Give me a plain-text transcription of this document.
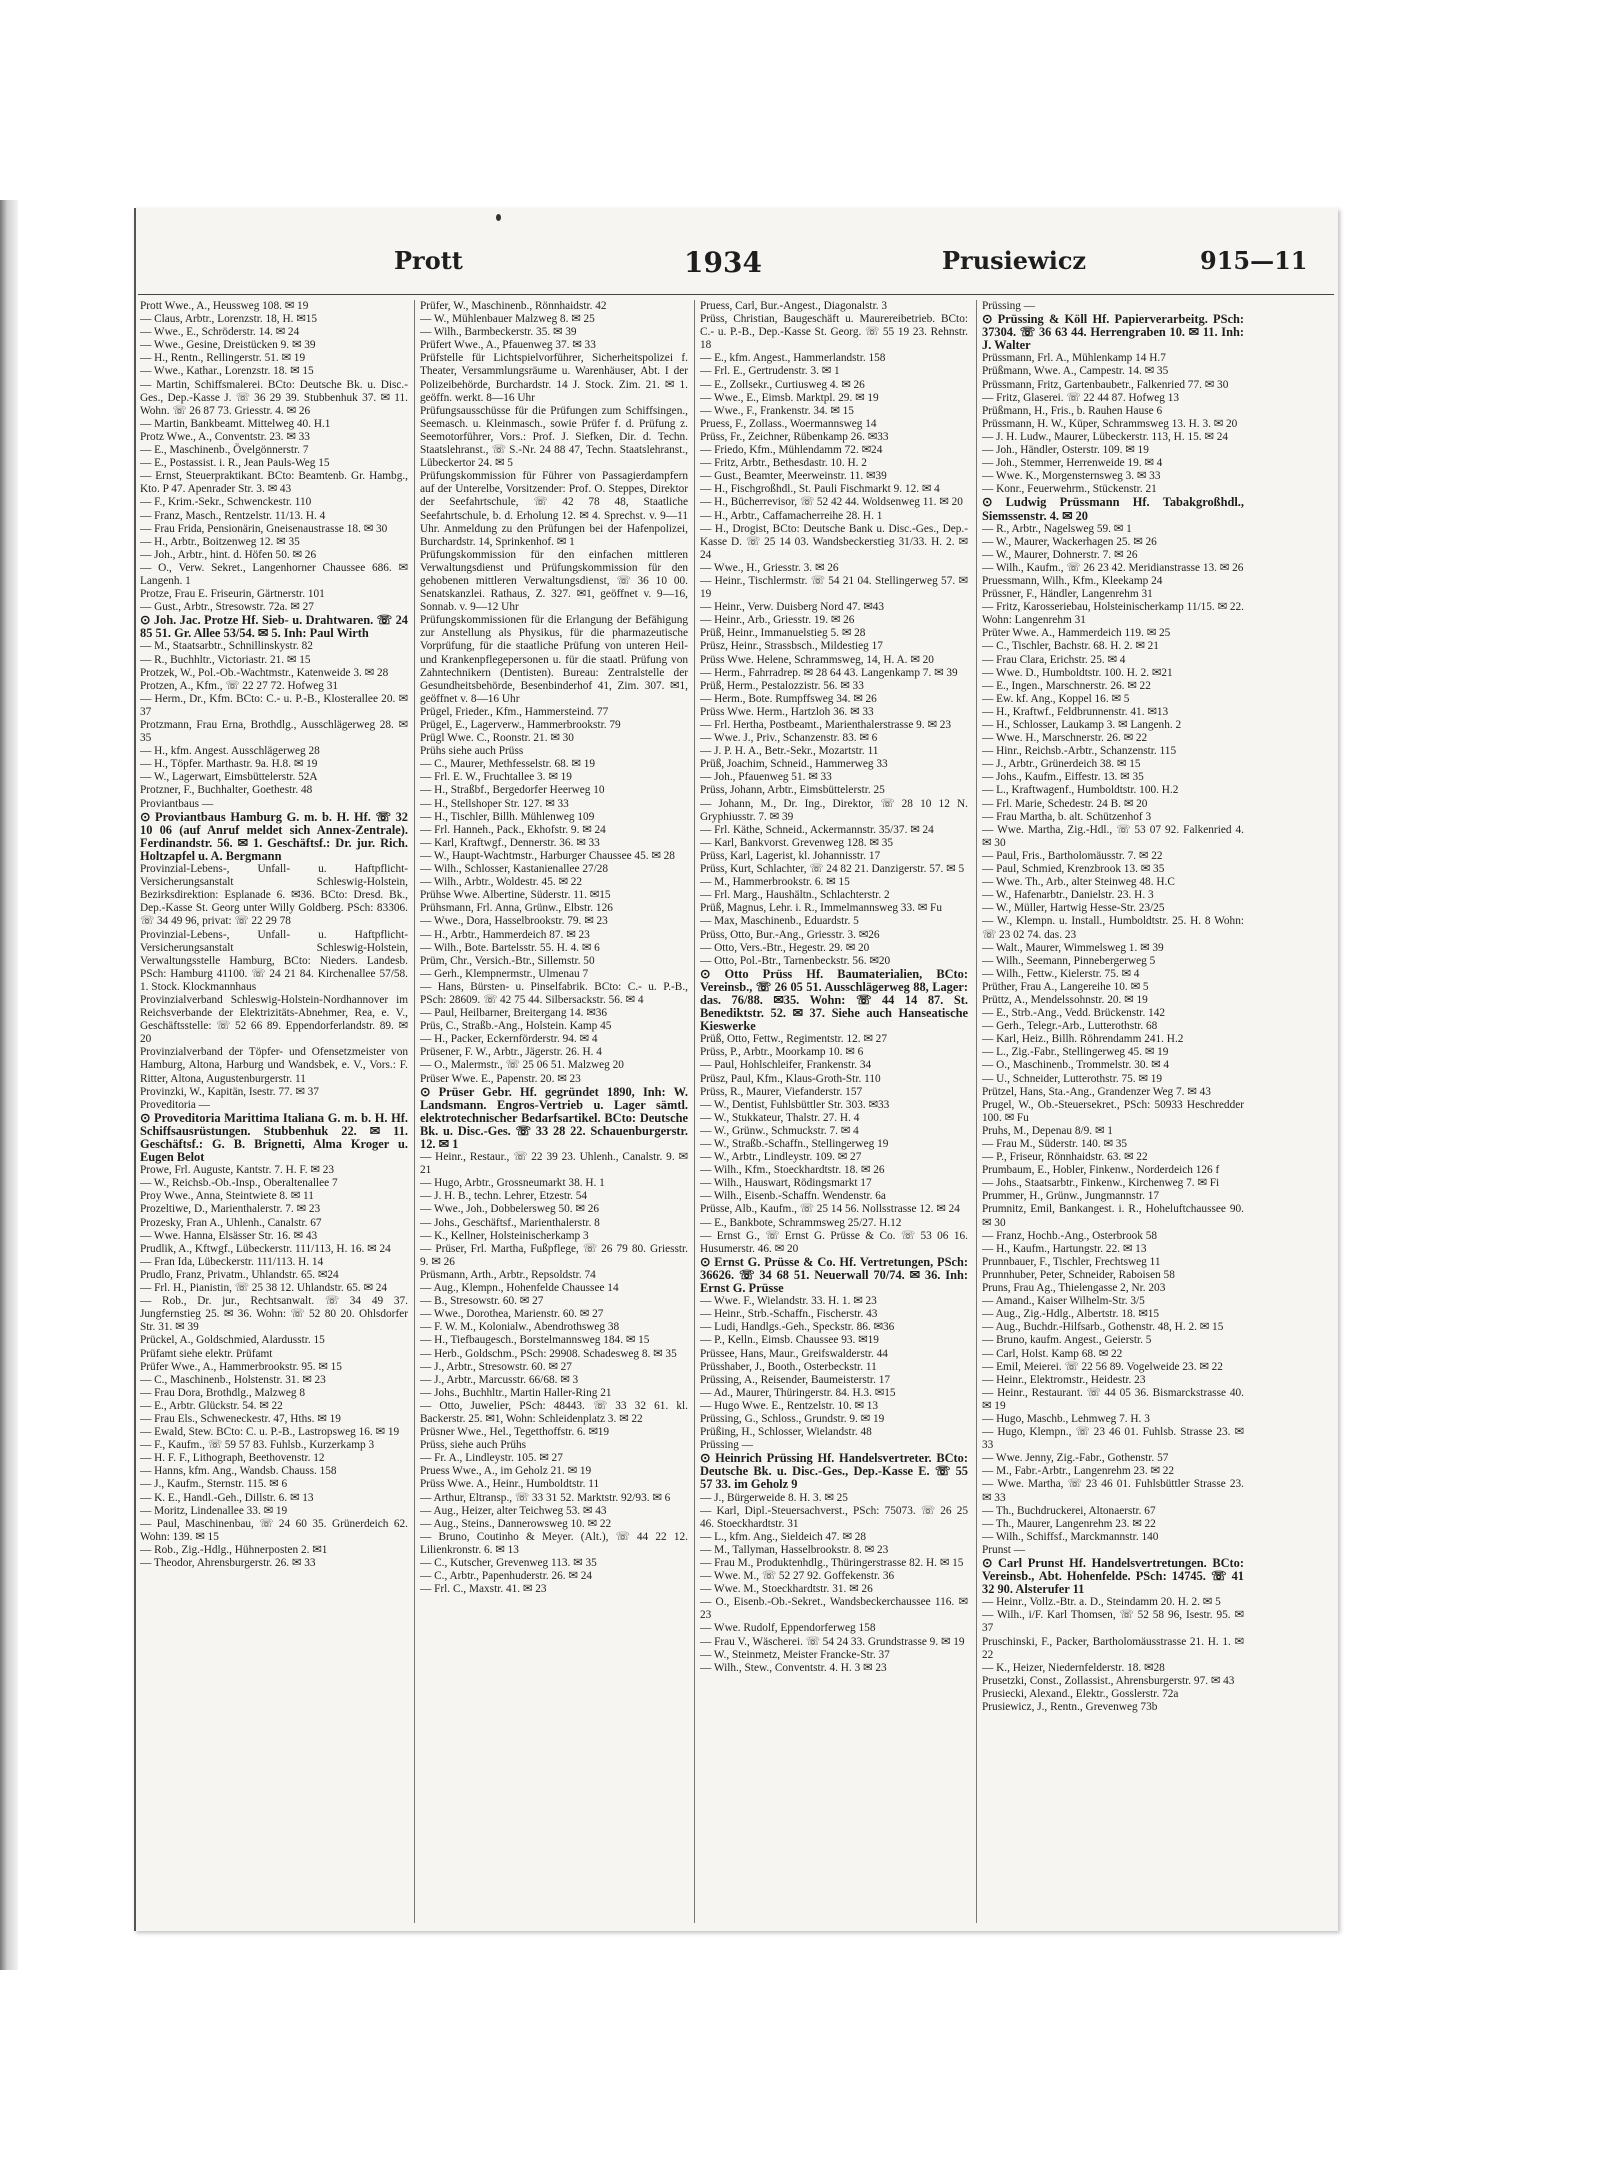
Prott	1934	Prusiewicz	915—11

Prott Wwe., A., Heussweg 108. ✉ 19

— Claus, Arbtr., Lorenzstr. 18, H. ✉15

— Wwe., E., Schröderstr. 14. ✉ 24

— Wwe., Gesine, Dreistücken 9. ✉ 39

— H., Rentn., Rellingerstr. 51. ✉ 19

— Wwe., Kathar., Lorenzstr. 18. ✉ 15

— Martin, Schiffsmalerei. BCto: Deutsche Bk. u. Disc.-Ges., Dep.-Kasse J. ☏ 36 29 39. Stubbenhuk 37. ✉ 11. Wohn. ☏ 26 87 73. Griesstr. 4. ✉ 26

— Martin, Bankbeamt. Mittelweg 40. H.1

Protz Wwe., A., Conventstr. 23. ✉ 33

— E., Maschinenb., Övelgönnerstr. 7

— E., Postassist. i. R., Jean Pauls-Weg 15

— Ernst, Steuerpraktikant. BCto: Beamtenb. Gr. Hambg., Kto. P 47. Apenrader Str. 3. ✉ 43

— F., Krim.-Sekr., Schwenckestr. 110

— Franz, Masch., Rentzelstr. 11/13. H. 4

— Frau Frida, Pensionärin, Gneisenaustrasse 18. ✉ 30

— H., Arbtr., Boitzenweg 12. ✉ 35

— Joh., Arbtr., hint. d. Höfen 50. ✉ 26

— O., Verw. Sekret., Langenhorner Chaussee 686. ✉ Langenh. 1

Protze, Frau E. Friseurin, Gärtnerstr. 101

— Gust., Arbtr., Stresowstr. 72a. ✉ 27

⊙ Joh. Jac. Protze Hf. Sieb- u. Drahtwaren. ☏ 24 85 51. Gr. Allee 53/54. ✉ 5. Inh: Paul Wirth

— M., Staatsarbtr., Schnillinskystr. 82

— R., Buchhltr., Victoriastr. 21. ✉ 15

Protzek, W., Pol.-Ob.-Wachtmstr., Katenweide 3. ✉ 28

Protzen, A., Kfm., ☏ 22 27 72. Hofweg 31

— Herm., Dr., Kfm. BCto: C.- u. P.-B., Klosterallee 20. ✉ 37

Protzmann, Frau Erna, Brothdlg., Ausschlägerweg 28. ✉ 35

— H., kfm. Angest. Ausschlägerweg 28

— H., Töpfer. Marthastr. 9a. H.8. ✉ 19

— W., Lagerwart, Eimsbüttelerstr. 52A

Protzner, F., Buchhalter, Goethestr. 48

Proviantbaus —

⊙ Proviantbaus Hamburg G. m. b. H. Hf. ☏ 32 10 06 (auf Anruf meldet sich Annex-Zentrale). Ferdinandstr. 56. ✉ 1. Geschäftsf.: Dr. jur. Rich. Holtzapfel u. A. Bergmann

Provinzial-Lebens-, Unfall- u. Haftpflicht-Versicherungsanstalt Schleswig-Holstein, Bezirksdirektion: Esplanade 6. ✉36. BCto: Dresd. Bk., Dep.-Kasse St. Georg unter Willy Goldberg. PSch: 83306. ☏ 34 49 96, privat: ☏ 22 29 78

Provinzial-Lebens-, Unfall- u. Haftpflicht-Versicherungsanstalt Schleswig-Holstein, Verwaltungsstelle Hamburg, BCto: Nieders. Landesb. PSch: Hamburg 41100. ☏ 24 21 84. Kirchenallee 57/58. 1. Stock. Klockmannhaus

Provinzialverband Schleswig-Holstein-Nordhannover im Reichsverbande der Elektrizitäts-Abnehmer, Rea, e. V., Geschäftsstelle: ☏ 52 66 89. Eppendorferlandstr. 89. ✉ 20

Provinzialverband der Töpfer- und Ofensetzmeister von Hamburg, Altona, Harburg und Wandsbek, e. V., Vors.: F. Ritter, Altona, Augustenburgerstr. 11

Provinzki, W., Kapitän, Isestr. 77. ✉ 37

Proveditoria —

⊙ Proveditoria Marittima Italiana G. m. b. H. Hf. Schiffsausrüstungen. Stubbenhuk 22. ✉ 11. Geschäftsf.: G. B. Brignetti, Alma Kroger u. Eugen Belot

Prowe, Frl. Auguste, Kantstr. 7. H. F. ✉ 23

— W., Reichsb.-Ob.-Insp., Oberaltenallee 7

Proy Wwe., Anna, Steintwiete 8. ✉ 11

Prozeltiwe, D., Marienthalerstr. 7. ✉ 23

Prozesky, Fran A., Uhlenh., Canalstr. 67

— Wwe. Hanna, Elsässer Str. 16. ✉ 43

Prudlik, A., Kftwgf., Lübeckerstr. 111/113, H. 16. ✉ 24

— Fran Ida, Lübeckerstr. 111/113. H. 14

Prudlo, Franz, Privatm., Uhlandstr. 65. ✉24

— Frl. H., Pianistin, ☏ 25 38 12. Uhlandstr. 65. ✉ 24

— Rob., Dr. jur., Rechtsanwalt. ☏ 34 49 37. Jungfernstieg 25. ✉ 36. Wohn: ☏ 52 80 20. Ohlsdorfer Str. 31. ✉ 39

Prückel, A., Goldschmied, Alardusstr. 15

Prüfamt siehe elektr. Prüfamt

Prüfer Wwe., A., Hammerbrookstr. 95. ✉ 15

— C., Maschinenb., Holstenstr. 31. ✉ 23

— Frau Dora, Brothdlg., Malzweg 8

— E., Arbtr. Glückstr. 54. ✉ 22

— Frau Els., Schweneckestr. 47, Hths. ✉ 19

— Ewald, Stew. BCto: C. u. P.-B., Lastropsweg 16. ✉ 19

— F., Kaufm., ☏ 59 57 83. Fuhlsb., Kurzerkamp 3

— H. F. F., Lithograph, Beethovenstr. 12

— Hanns, kfm. Ang., Wandsb. Chauss. 158

— J., Kaufm., Sternstr. 115. ✉ 6

— K. E., Handl.-Geh., Dillstr. 6. ✉ 13

— Moritz, Lindenallee 33. ✉ 19

— Paul, Maschinenbau, ☏ 24 60 35. Grünerdeich 62. Wohn: 139. ✉ 15

— Rob., Zig.-Hdlg., Hühnerposten 2. ✉1

— Theodor, Ahrensburgerstr. 26. ✉ 33

Prüfer, W., Maschinenb., Rönnhaidstr. 42

— W., Mühlenbauer Malzweg 8. ✉ 25

— Wilh., Barmbeckerstr. 35. ✉ 39

Prüfert Wwe., A., Pfauenweg 37. ✉ 33

Prüfstelle für Lichtspielvorführer, Sicherheitspolizei f. Theater, Versammlungsräume u. Warenhäuser, Abt. I der Polizeibehörde, Burchardstr. 14 J. Stock. Zim. 21. ✉ 1. geöffn. werkt. 8—16 Uhr

Prüfungsausschüsse für die Prüfungen zum Schiffsingen., Seemasch. u. Kleinmasch., sowie Prüfer f. d. Prüfung z. Seemotorführer, Vors.: Prof. J. Siefken, Dir. d. Techn. Staatslehranst., ☏ S.-Nr. 24 88 47, Techn. Staatslehranst., Lübeckertor 24. ✉ 5

Prüfungskommission für Führer von Passagierdampfern auf der Unterelbe, Vorsitzender: Prof. O. Steppes, Direktor der Seefahrtschule, ☏ 42 78 48, Staatliche Seefahrtschule, b. d. Erholung 12. ✉ 4. Sprechst. v. 9—11 Uhr. Anmeldung zu den Prüfungen bei der Hafenpolizei, Burchardstr. 14, Sprinkenhof. ✉ 1

Prüfungskommission für den einfachen mittleren Verwaltungsdienst und Prüfungskommission für den gehobenen mittleren Verwaltungsdienst, ☏ 36 10 00. Senatskanzlei. Rathaus, Z. 327. ✉1, geöffnet v. 9—16, Sonnab. v. 9—12 Uhr

Prüfungskommissionen für die Erlangung der Befähigung zur Anstellung als Physikus, für die pharmazeutische Vorprüfung, für die staatliche Prüfung von unteren Heil- und Krankenpflegepersonen u. für die staatl. Prüfung von Zahntechnikern (Dentisten). Bureau: Zentralstelle der Gesundheitsbehörde, Besenbinderhof 41, Zim. 307. ✉1, geöffnet v. 8—16 Uhr

Prügel, Frieder., Kfm., Hammersteind. 77

Prügel, E., Lagerverw., Hammerbrookstr. 79

Prügl Wwe. C., Roonstr. 21. ✉ 30

Prühs siehe auch Prüss

— C., Maurer, Methfesselstr. 68. ✉ 19

— Frl. E. W., Fruchtallee 3. ✉ 19

— H., Straßbf., Bergedorfer Heerweg 10

— H., Stellshoper Str. 127. ✉ 33

— H., Tischler, Billh. Mühlenweg 109

— Frl. Hanneh., Pack., Ekhofstr. 9. ✉ 24

— Karl, Kraftwgf., Dennerstr. 36. ✉ 33

— W., Haupt-Wachtmstr., Harburger Chaussee 45. ✉ 28

— Wilh., Schlosser, Kastanienallee 27/28

— Wilh., Arbtr., Woldestr. 45. ✉ 22

Prühse Wwe. Albertine, Süderstr. 11. ✉15

Prühsmann, Frl. Anna, Grünw., Elbstr. 126

— Wwe., Dora, Hasselbrookstr. 79. ✉ 23

— H., Arbtr., Hammerdeich 87. ✉ 23

— Wilh., Bote. Bartelsstr. 55. H. 4. ✉ 6

Prüm, Chr., Versich.-Btr., Sillemstr. 50

— Gerh., Klempnermstr., Ulmenau 7

— Hans, Bürsten- u. Pinselfabrik. BCto: C.- u. P.-B., PSch: 28609. ☏ 42 75 44. Silbersackstr. 56. ✉ 4

— Paul, Heilbarner, Breitergang 14. ✉36

Prüs, C., Straßb.-Ang., Holstein. Kamp 45

— H., Packer, Eckernförderstr. 94. ✉ 4

Prüsener, F. W., Arbtr., Jägerstr. 26. H. 4

— O., Malermstr., ☏ 25 06 51. Malzweg 20

Prüser Wwe. E., Papenstr. 20. ✉ 23

⊙ Prüser Gebr. Hf. gegründet 1890, Inh: W. Landsmann. Engros-Vertrieb u. Lager sämtl. elektrotechnischer Bedarfsartikel. BCto: Deutsche Bk. u. Disc.-Ges. ☏ 33 28 22. Schauenburgerstr. 12. ✉ 1

— Heinr., Restaur., ☏ 22 39 23. Uhlenh., Canalstr. 9. ✉ 21

— Hugo, Arbtr., Grossneumarkt 38. H. 1

— J. H. B., techn. Lehrer, Etzestr. 54

— Wwe., Joh., Dobbelersweg 50. ✉ 26

— Johs., Geschäftsf., Marienthalerstr. 8

— K., Kellner, Holsteinischerkamp 3

— Prüser, Frl. Martha, Fußpflege, ☏ 26 79 80. Griesstr. 9. ✉ 26

Prüsmann, Arth., Arbtr., Repsoldstr. 74

— Aug., Klempn., Hohenfelde Chaussee 14

— B., Stresowstr. 60. ✉ 27

— Wwe., Dorothea, Marienstr. 60. ✉ 27

— F. W. M., Kolonialw., Abendrothsweg 38

— H., Tiefbaugesch., Borstelmannsweg 184. ✉ 15

— Herb., Goldschm., PSch: 29908. Schadesweg 8. ✉ 35

— J., Arbtr., Stresowstr. 60. ✉ 27

— J., Arbtr., Marcusstr. 66/68. ✉ 3

— Johs., Buchhltr., Martin Haller-Ring 21

— Otto, Juwelier, PSch: 48443. ☏ 33 32 61. kl. Backerstr. 25. ✉1, Wohn: Schleidenplatz 3. ✉ 22

Prüsner Wwe., Hel., Tegetthoffstr. 6. ✉19

Prüss, siehe auch Prühs

— Fr. A., Lindleystr. 105. ✉ 27

Pruess Wwe., A., im Geholz 21. ✉ 19

Prüss Wwe. A., Heinr., Humboldtstr. 11

— Arthur, Eltransp., ☏ 33 31 52. Marktstr. 92/93. ✉ 6

— Aug., Heizer, alter Teichweg 53. ✉ 43

— Aug., Steins., Dannerowsweg 10. ✉ 22

— Bruno, Coutinho & Meyer. (Alt.), ☏ 44 22 12. Lilienkronstr. 6. ✉ 13

— C., Kutscher, Grevenweg 113. ✉ 35

— C., Arbtr., Papenhuderstr. 26. ✉ 24

— Frl. C., Maxstr. 41. ✉ 23

Pruess, Carl, Bur.-Angest., Diagonalstr. 3

Prüss, Christian, Baugeschäft u. Maurereibetrieb. BCto: C.- u. P.-B., Dep.-Kasse St. Georg. ☏ 55 19 23. Rehnstr. 18

— E., kfm. Angest., Hammerlandstr. 158

— Frl. E., Gertrudenstr. 3. ✉ 1

— E., Zollsekr., Curtiusweg 4. ✉ 26

— Wwe., E., Eimsb. Marktpl. 29. ✉ 19

— Wwe., F., Frankenstr. 34. ✉ 15

Pruess, F., Zollass., Woermannsweg 14

Prüss, Fr., Zeichner, Rübenkamp 26. ✉33

— Friedo, Kfm., Mühlendamm 72. ✉24

— Fritz, Arbtr., Bethesdastr. 10. H. 2

— Gust., Beamter, Meerweinstr. 11. ✉39

— H., Fischgroßhdl., St. Pauli Fischmarkt 9. 12. ✉ 4

— H., Bücherrevisor, ☏ 52 42 44. Woldsenweg 11. ✉ 20

— H., Arbtr., Caffamacherreihe 28. H. 1

— H., Drogist, BCto: Deutsche Bank u. Disc.-Ges., Dep.-Kasse D. ☏ 25 14 03. Wandsbeckerstieg 31/33. H. 2. ✉ 24

— Wwe., H., Griesstr. 3. ✉ 26

— Heinr., Tischlermstr. ☏ 54 21 04. Stellingerweg 57. ✉ 19

— Heinr., Verw. Duisberg Nord 47. ✉43

— Heinr., Arb., Griesstr. 19. ✉ 26

Prüß, Heinr., Immanuelstieg 5. ✉ 28

Prüsz, Heinr., Strassbsch., Mildestieg 17

Prüss Wwe. Helene, Schrammsweg, 14, H. A. ✉ 20

— Herm., Fahrradrep. ✉ 28 64 43. Langenkamp 7. ✉ 39

Prüß, Herm., Pestalozzistr. 56. ✉ 33

— Herm., Bote. Rumpffsweg 34. ✉ 26

Prüss Wwe. Herm., Hartzloh 36. ✉ 33

— Frl. Hertha, Postbeamt., Marienthalerstrasse 9. ✉ 23

— Wwe. J., Priv., Schanzenstr. 83. ✉ 6

— J. P. H. A., Betr.-Sekr., Mozartstr. 11

Prüß, Joachim, Schneid., Hammerweg 33

— Joh., Pfauenweg 51. ✉ 33

Prüss, Johann, Arbtr., Eimsbüttelerstr. 25

— Johann, M., Dr. Ing., Direktor, ☏ 28 10 12 N. Gryphiusstr. 7. ✉ 39

— Frl. Käthe, Schneid., Ackermannstr. 35/37. ✉ 24

— Karl, Bankvorst. Grevenweg 128. ✉ 35

Prüss, Karl, Lagerist, kl. Johannisstr. 17

Prüss, Kurt, Schlachter, ☏ 24 82 21. Danzigerstr. 57. ✉ 5

— M., Hammerbrookstr. 6. ✉ 15

— Frl. Marg., Haushältn., Schlachterstr. 2

Prüß, Magnus, Lehr. i. R., Immelmannsweg 33. ✉ Fu

— Max, Maschinenb., Eduardstr. 5

Prüss, Otto, Bur.-Ang., Griesstr. 3. ✉26

— Otto, Vers.-Btr., Hegestr. 29. ✉ 20

— Otto, Pol.-Btr., Tarnenbeckstr. 56. ✉20

⊙ Otto Prüss Hf. Baumaterialien, BCto: Vereinsb., ☏ 26 05 51. Ausschlägerweg 88, Lager: das. 76/88. ✉35. Wohn: ☏ 44 14 87. St. Benediktstr. 52. ✉ 37. Siehe auch Hanseatische Kieswerke

Prüß, Otto, Fettw., Regimentstr. 12. ✉ 27

Prüss, P., Arbtr., Moorkamp 10. ✉ 6

— Paul, Hohlschleifer, Frankenstr. 34

Prüsz, Paul, Kfm., Klaus-Groth-Str. 110

Prüss, R., Maurer, Viefanderstr. 157

— W., Dentist, Fuhlsbüttler Str. 303. ✉33

— W., Stukkateur, Thalstr. 27. H. 4

— W., Grünw., Schmuckstr. 7. ✉ 4

— W., Straßb.-Schaffn., Stellingerweg 19

— W., Arbtr., Lindleystr. 109. ✉ 27

— Wilh., Kfm., Stoeckhardtstr. 18. ✉ 26

— Wilh., Hauswart, Rödingsmarkt 17

— Wilh., Eisenb.-Schaffn. Wendenstr. 6a

Prüsse, Alb., Kaufm., ☏ 25 14 56. Nollsstrasse 12. ✉ 24

— E., Bankbote, Schrammsweg 25/27. H.12

— Ernst G., ☏ Ernst G. Prüsse & Co. ☏ 53 06 16. Husumerstr. 46. ✉ 20

⊙ Ernst G. Prüsse & Co. Hf. Vertretungen, PSch: 36626. ☏ 34 68 51. Neuerwall 70/74. ✉ 36. Inh: Ernst G. Prüsse

— Wwe. F., Wielandstr. 33. H. 1. ✉ 23

— Heinr., Strb.-Schaffn., Fischerstr. 43

— Ludi, Handlgs.-Geh., Speckstr. 86. ✉36

— P., Kelln., Eimsb. Chaussee 93. ✉19

Prüssee, Hans, Maur., Greifswalderstr. 44

Prüsshaber, J., Booth., Osterbeckstr. 11

Prüssing, A., Reisender, Baumeisterstr. 17

— Ad., Maurer, Thüringerstr. 84. H.3. ✉15

— Hugo Wwe. E., Rentzelstr. 10. ✉ 13

Prüssing, G., Schloss., Grundstr. 9. ✉ 19

Prüßing, H., Schlosser, Wielandstr. 48

Prüssing —

⊙ Heinrich Prüssing Hf. Handelsvertreter. BCto: Deutsche Bk. u. Disc.-Ges., Dep.-Kasse E. ☏ 55 57 33. im Geholz 9

— J., Bürgerweide 8. H. 3. ✉ 25

— Karl, Dipl.-Steuersachverst., PSch: 75073. ☏ 26 25 46. Stoeckhardtstr. 31

— L., kfm. Ang., Sieldeich 47. ✉ 28

— M., Tallyman, Hasselbrookstr. 8. ✉ 23

— Frau M., Produktenhdlg., Thüringerstrasse 82. H. ✉ 15

— Wwe. M., ☏ 52 27 92. Goffekenstr. 36

— Wwe. M., Stoeckhardtstr. 31. ✉ 26

— O., Eisenb.-Ob.-Sekret., Wandsbeckerchaussee 116. ✉ 23

— Wwe. Rudolf, Eppendorferweg 158

— Frau V., Wäscherei. ☏ 54 24 33. Grundstrasse 9. ✉ 19

— W., Steinmetz, Meister Francke-Str. 37

— Wilh., Stew., Conventstr. 4. H. 3 ✉ 23

Prüssing —

⊙ Prüssing & Köll Hf. Papierverarbeitg. PSch: 37304. ☏ 36 63 44. Herrengraben 10. ✉ 11. Inh: J. Walter

Prüssmann, Frl. A., Mühlenkamp 14 H.7

Prüßmann, Wwe. A., Campestr. 14. ✉ 35

Prüssmann, Fritz, Gartenbaubetr., Falkenried 77. ✉ 30

— Fritz, Glaserei. ☏ 22 44 87. Hofweg 13

Prüßmann, H., Fris., b. Rauhen Hause 6

Prüssmann, H. W., Küper, Schrammsweg 13. H. 3. ✉ 20

— J. H. Ludw., Maurer, Lübeckerstr. 113, H. 15. ✉ 24

— Joh., Händler, Osterstr. 109. ✉ 19

— Joh., Stemmer, Herrenweide 19. ✉ 4

— Wwe. K., Morgensternsweg 3. ✉ 33

— Konr., Feuerwehrm., Stückenstr. 21

⊙ Ludwig Prüssmann Hf. Tabakgroßhdl., Siemssenstr. 4. ✉ 20

— R., Arbtr., Nagelsweg 59. ✉ 1

— W., Maurer, Wackerhagen 25. ✉ 26

— W., Maurer, Dohnerstr. 7. ✉ 26

— Wilh., Kaufm., ☏ 26 23 42. Meridianstrasse 13. ✉ 26

Pruessmann, Wilh., Kfm., Kleekamp 24

Prüssner, F., Händler, Langenrehm 31

— Fritz, Karosseriebau, Holsteinischerkamp 11/15. ✉ 22. Wohn: Langenrehm 31

Prüter Wwe. A., Hammerdeich 119. ✉ 25

— C., Tischler, Bachstr. 68. H. 2. ✉ 21

— Frau Clara, Erichstr. 25. ✉ 4

— Wwe. D., Humboldtstr. 100. H. 2. ✉21

— E., Ingen., Marschnerstr. 26. ✉ 22

— Ew. kf. Ang., Koppel 16. ✉ 5

— H., Kraftwf., Feldbrunnenstr. 41. ✉13

— H., Schlosser, Laukamp 3. ✉ Langenh. 2

— Wwe. H., Marschnerstr. 26. ✉ 22

— Hinr., Reichsb.-Arbtr., Schanzenstr. 115

— J., Arbtr., Grünerdeich 38. ✉ 15

— Johs., Kaufm., Eiffestr. 13. ✉ 35

— L., Kraftwagenf., Humboldtstr. 100. H.2

— Frl. Marie, Schedestr. 24 B. ✉ 20

— Frau Martha, b. alt. Schützenhof 3

— Wwe. Martha, Zig.-Hdl., ☏ 53 07 92. Falkenried 4. ✉ 30

— Paul, Fris., Bartholomäusstr. 7. ✉ 22

— Paul, Schmied, Krenzbrook 13. ✉ 35

— Wwe. Th., Arb., alter Steinweg 48. H.C

— W., Hafenarbtr., Danielstr. 23. H. 3

— W., Müller, Hartwig Hesse-Str. 23/25

— W., Klempn. u. Install., Humboldtstr. 25. H. 8 Wohn: ☏ 23 02 74. das. 23

— Walt., Maurer, Wimmelsweg 1. ✉ 39

— Wilh., Seemann, Pinnebergerweg 5

— Wilh., Fettw., Kielerstr. 75. ✉ 4

Prüther, Frau A., Langereihe 10. ✉ 5

Prüttz, A., Mendelssohnstr. 20. ✉ 19

— E., Strb.-Ang., Vedd. Brückenstr. 142

— Gerh., Telegr.-Arb., Lutterothstr. 68

— Karl, Heiz., Billh. Röhrendamm 241. H.2

— L., Zig.-Fabr., Stellingerweg 45. ✉ 19

— O., Maschinenb., Trommelstr. 30. ✉ 4

— U., Schneider, Lutterothstr. 75. ✉ 19

Prützel, Hans, Sta.-Ang., Grandenzer Weg 7. ✉ 43

Prugel, W., Ob.-Steuersekret., PSch: 50933 Heschredder 100. ✉ Fu

Pruhs, M., Depenau 8/9. ✉ 1

— Frau M., Süderstr. 140. ✉ 35

— P., Friseur, Rönnhaidstr. 63. ✉ 22

Prumbaum, E., Hobler, Finkenw., Norderdeich 126 f

— Johs., Staatsarbtr., Finkenw., Kirchenweg 7. ✉ Fi

Prummer, H., Grünw., Jungmannstr. 17

Prumnitz, Emil, Bankangest. i. R., Hoheluftchaussee 90. ✉ 30

— Franz, Hochb.-Ang., Osterbrook 58

— H., Kaufm., Hartungstr. 22. ✉ 13

Prunnbauer, F., Tischler, Frechtsweg 11

Prunnhuber, Peter, Schneider, Raboisen 58

Pruns, Frau Ag., Thielengasse 2, Nr. 203

— Amand., Kaiser Wilhelm-Str. 3/5

— Aug., Zig.-Hdlg., Albertstr. 18. ✉15

— Aug., Buchdr.-Hilfsarb., Gothenstr. 48, H. 2. ✉ 15

— Bruno, kaufm. Angest., Geierstr. 5

— Carl, Holst. Kamp 68. ✉ 22

— Emil, Meierei. ☏ 22 56 89. Vogelweide 23. ✉ 22

— Heinr., Elektromstr., Heidestr. 23

— Heinr., Restaurant. ☏ 44 05 36. Bismarckstrasse 40. ✉ 19

— Hugo, Maschb., Lehmweg 7. H. 3

— Hugo, Klempn., ☏ 23 46 01. Fuhlsb. Strasse 23. ✉ 33

— Wwe. Jenny, Zig.-Fabr., Gothenstr. 57

— M., Fabr.-Arbtr., Langenrehm 23. ✉ 22

— Wwe. Martha, ☏ 23 46 01. Fuhlsbüttler Strasse 23. ✉ 33

— Th., Buchdruckerei, Altonaerstr. 67

— Th., Maurer, Langenrehm 23. ✉ 22

— Wilh., Schiffsf., Marckmannstr. 140

Prunst —

⊙ Carl Prunst Hf. Handelsvertretungen. BCto: Vereinsb., Abt. Hohenfelde. PSch: 14745. ☏ 41 32 90. Alsterufer 11

— Heinr., Vollz.-Btr. a. D., Steindamm 20. H. 2. ✉ 5

— Wilh., i/F. Karl Thomsen, ☏ 52 58 96, Isestr. 95. ✉ 37

Pruschinski, F., Packer, Bartholomäusstrasse 21. H. 1. ✉ 22

— K., Heizer, Niedernfelderstr. 18. ✉28

Prusetzki, Const., Zollassist., Ahrensburgerstr. 97. ✉ 43

Prusiecki, Alexand., Elektr., Gosslerstr. 72a

Prusiewicz, J., Rentn., Grevenweg 73b
